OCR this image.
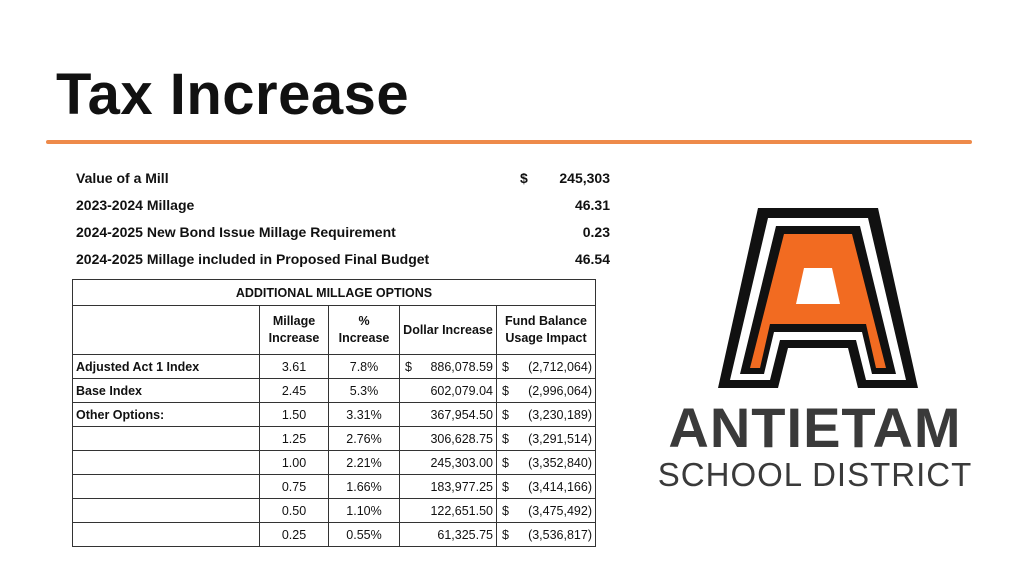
Tax Increase
Value of a Mill	$	245,303
2023-2024 Millage	46.31
2024-2025 New Bond Issue Millage Requirement	0.23
2024-2025 Millage included in Proposed Final Budget	46.54
ADDITIONAL MILLAGE OPTIONS				
	Millage Increase	% Increase	Dollar Increase	Fund Balance Usage Impact
Adjusted Act 1 Index	3.61	7.8%	$ 886,078.59	$ (2,712,064)

Base Index	2.45	5.3%	602,079.04	$ (2,996,064)

Other Options:	1.50	3.31%	367,954.50	$ (3,230,189)

	1.25	2.76%	306,628.75	$ (3,291,514)

	1.00	2.21%	245,303.00	$ (3,352,840)

	0.75	1.66%	183,977.25	$ (3,414,166)

	0.50	1.10%	122,651.50	$ (3,475,492)

	0.25	0.55%	61,325.75	$ (3,536,817)
ANTIETAM
SCHOOL DISTRICT
